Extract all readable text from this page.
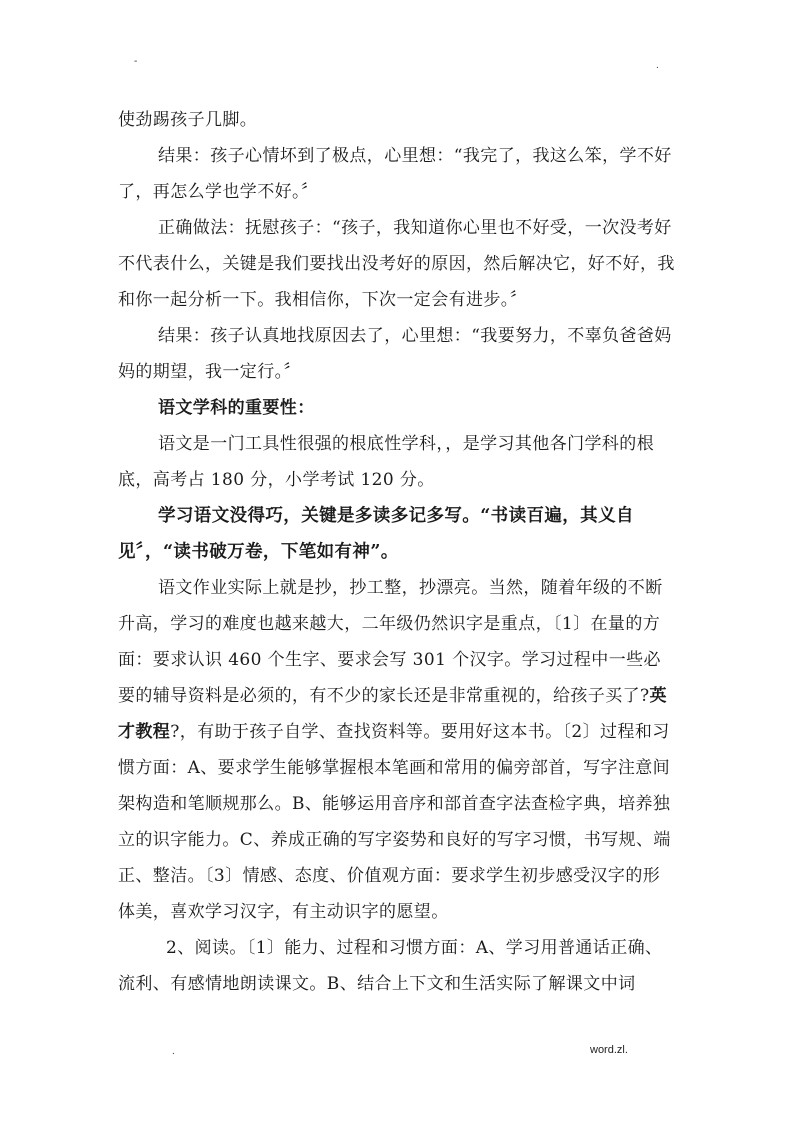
-	.

使劲踢孩子几脚。

结果：孩子心情坏到了极点，心里想：“我完了，我这么笨，学不好了，再怎么学也学不好。〞

正确做法：抚慰孩子：“孩子，我知道你心里也不好受，一次没考好不代表什么，关键是我们要找出没考好的原因，然后解决它，好不好，我和你一起分析一下。我相信你，下次一定会有进步。〞

结果：孩子认真地找原因去了，心里想：“我要努力，不辜负爸爸妈妈的期望，我一定行。〞

语文学科的重要性：

语文是一门工具性很强的根底性学科，，是学习其他各门学科的根底，高考占 180 分，小学考试 120 分。

学习语文没得巧，关键是多读多记多写。“书读百遍，其义自见〞，“读书破万卷，下笔如有神”。

语文作业实际上就是抄，抄工整，抄漂亮。当然，随着年级的不断升高，学习的难度也越来越大，二年级仍然识字是重点，〔1〕在量的方面：要求认识 460 个生字、要求会写 301 个汉字。学习过程中一些必要的辅导资料是必须的，有不少的家长还是非常重视的，给孩子买了?英才教程?，有助于孩子自学、查找资料等。要用好这本书。〔2〕过程和习惯方面：A、要求学生能够掌握根本笔画和常用的偏旁部首，写字注意间架构造和笔顺规那么。B、能够运用音序和部首查字法查检字典，培养独立的识字能力。C、养成正确的写字姿势和良好的写字习惯，书写规、端正、整洁。〔3〕情感、态度、价值观方面：要求学生初步感受汉字的形体美，喜欢学习汉字，有主动识字的愿望。

2、阅读。〔1〕能力、过程和习惯方面：A、学习用普通话正确、流利、有感情地朗读课文。B、结合上下文和生活实际了解课文中词

.	word.zl.
